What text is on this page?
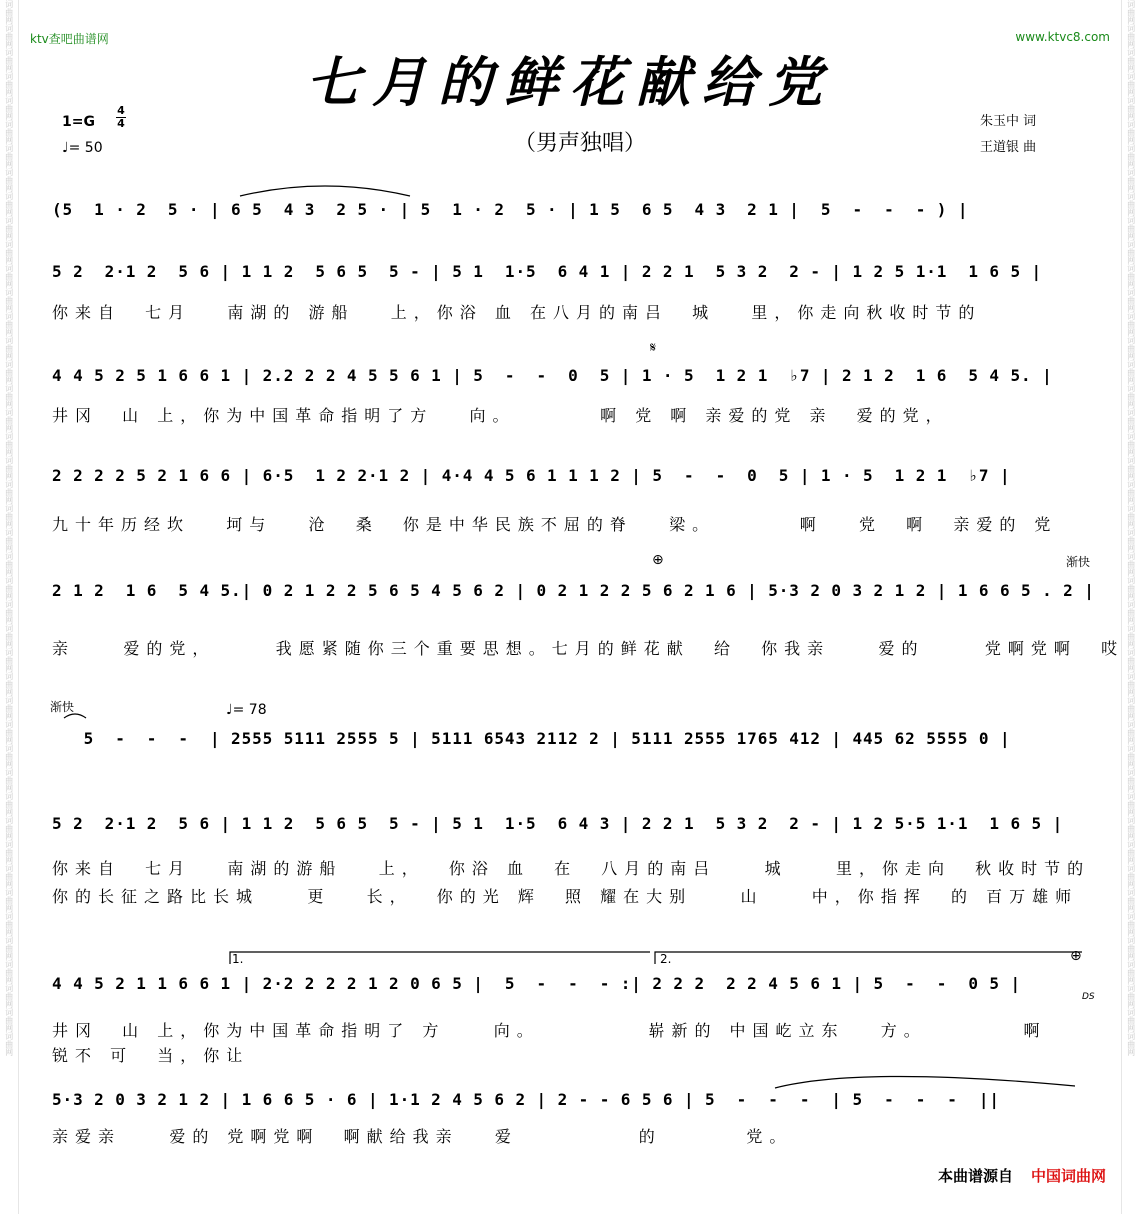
词曲网
词曲网
词曲网
词曲网
词曲网
词曲网
词曲网
词曲网
词曲网
词曲网
词曲网
词曲网
词曲网
词曲网
词曲网
词曲网
词曲网
词曲网
词曲网
词曲网
词曲网
词曲网
词曲网
词曲网
词曲网
词曲网
词曲网
词曲网
词曲网
词曲网
词曲网
词曲网
词曲网
词曲网
词曲网
词曲网
词曲网
词曲网
词曲网
词曲网
词曲网
词曲网
词曲网
词曲网
词曲网
词曲网
词曲网
词曲网
词曲网
词曲网
词曲网
词曲网
词曲网
词曲网
词曲网
词曲网
词曲网
词曲网
词曲网
词曲网
词曲网
词曲网
词曲网
词曲网
词曲网
词曲网
词曲网
词曲网
词曲网
词曲网
词曲网
词曲网
词曲网
词曲网
词曲网
词曲网
词曲网
词曲网
词曲网
词曲网
词曲网
词曲网
词曲网
词曲网
词曲网
词曲网
词曲网
词曲网
ktv查吧曲谱网	www.ktvc8.com
七月的鲜花献给党
（男声独唱）
1=G
4
4
♩= 50
朱玉中 词
王道银 曲
(5  1 · 2  5 · | 6 5  4 3  2 5 · | 5  1 · 2  5 · | 1 5  6 5  4 3  2 1 |  5  -  -  - ) |
5 2  2·1 2  5 6 | 1 1 2  5 6 5  5 - | 5 1  1·5  6 4 1 | 2 2 1  5 3 2  2 - | 1 2 5 1·1  1 6 5 |
你来自  七月   南湖的 游船   上，你浴 血 在八月的南吕  城   里，你走向秋收时节的
4 4 5 2 5 1 6 6 1 | 2.2 2 2 4 5 5 6 1 | 5  -  -  0  5 | 1 · 5  1 2 1  ♭7 | 2 1 2  1 6  5 4 5. |
井冈  山 上，你为中国革命指明了方   向。       啊 党 啊 亲爱的党 亲  爱的党，
2 2 2 2 5 2 1 6 6 | 6·5  1 2 2·1 2 | 4·4 4 5 6 1 1 1 2 | 5  -  -  0  5 | 1 · 5  1 2 1  ♭7 |
九十年历经坎   坷与   沧  桑  你是中华民族不屈的脊   梁。       啊   党  啊  亲爱的 党
2 1 2  1 6  5 4 5.| 0 2 1 2 2 5 6 5 4 5 6 2 | 0 2 1 2 2 5 6 2 1 6 | 5·3 2 0 3 2 1 2 | 1 6 6 5 . 2 |
亲    爱的党，     我愿紧随你三个重要思想。七月的鲜花献  给  你我亲    爱的     党啊党啊  哎
5  -  -  -  | 2555 5111 2555 5 | 5111 6543 2112 2 | 5111 2555 1765 412 | 445 62 5555 0 |
5 2  2·1 2  5 6 | 1 1 2  5 6 5  5 - | 5 1  1·5  6 4 3 | 2 2 1  5 3 2  2 - | 1 2 5·5 1·1  1 6 5 |
你来自  七月   南湖的游船   上，  你浴 血  在  八月的南吕    城    里，你走向  秋收时节的
你的长征之路比长城    更   长，  你的光 辉  照 耀在大别    山    中，你指挥  的 百万雄师
4 4 5 2 1 1 6 6 1 | 2·2 2 2 2 1 2 0 6 5 |  5  -  -  - :| 2 2 2  2 2 4 5 6 1 | 5  -  -  0 5 |
井冈  山 上，你为中国革命指明了 方    向。         崭新的 中国屹立东   方。        啊
锐不 可  当，你让
5·3 2 0 3 2 1 2 | 1 6 6 5 · 6 | 1·1 2 4 5 6 2 | 2 - - 6 5 6 | 5  -  -  -  | 5  -  -  -  ||
亲爱亲    爱的 党啊党啊  啊献给我亲   爱          的       党。
𝄋
⊕	渐快
渐快	♩= 78
1.	2.	⊕
DS
本曲谱源自 中国词曲网
